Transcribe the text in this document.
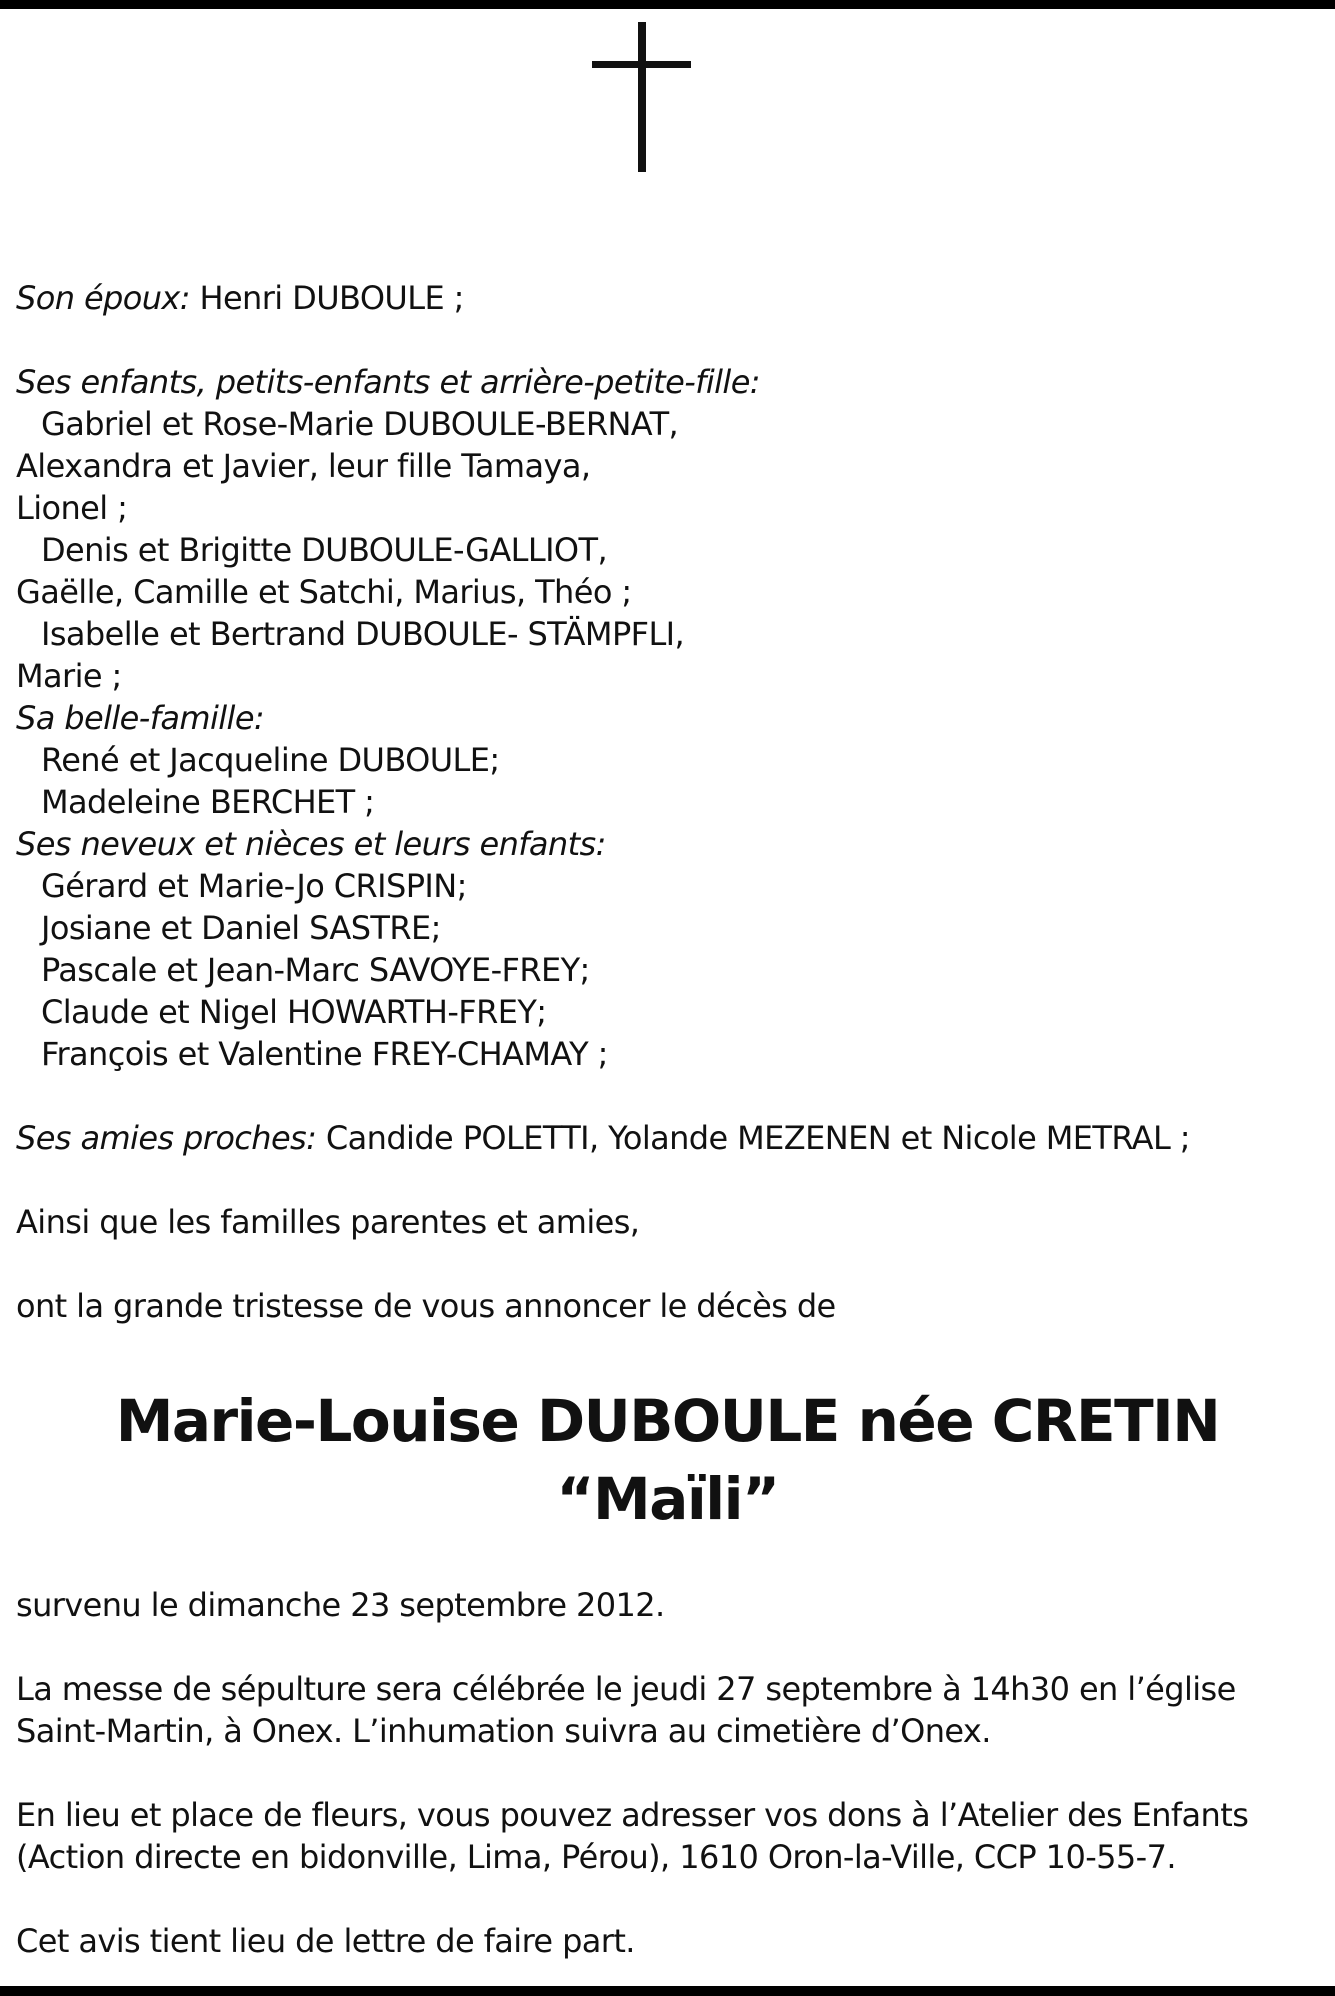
Son époux: Henri DUBOULE ;

Ses enfants, petits-enfants et arrière-petite-fille:

Gabriel et Rose-Marie DUBOULE-BERNAT,

Alexandra et Javier, leur fille Tamaya,

Lionel ;

Denis et Brigitte DUBOULE-GALLIOT,

Gaëlle, Camille et Satchi, Marius, Théo ;

Isabelle et Bertrand DUBOULE- STÄMPFLI,

Marie ;

Sa belle-famille:

René et Jacqueline DUBOULE;

Madeleine BERCHET ;

Ses neveux et nièces et leurs enfants:

Gérard et Marie-Jo CRISPIN;

Josiane et Daniel SASTRE;

Pascale et Jean-Marc SAVOYE-FREY;

Claude et Nigel HOWARTH-FREY;

François et Valentine FREY-CHAMAY ;

Ses amies proches: Candide POLETTI, Yolande MEZENEN et Nicole METRAL ;

Ainsi que les familles parentes et amies,

ont la grande tristesse de vous annoncer le décès de

Marie-Louise DUBOULE née CRETIN
“Maïli”

survenu le dimanche 23 septembre 2012.

La messe de sépulture sera célébrée le jeudi 27 septembre à 14h30 en l’église

Saint-Martin, à Onex. L’inhumation suivra au cimetière d’Onex.

En lieu et place de fleurs, vous pouvez adresser vos dons à l’Atelier des Enfants

(Action directe en bidonville, Lima, Pérou), 1610 Oron-la-Ville, CCP 10-55-7.

Cet avis tient lieu de lettre de faire part.
